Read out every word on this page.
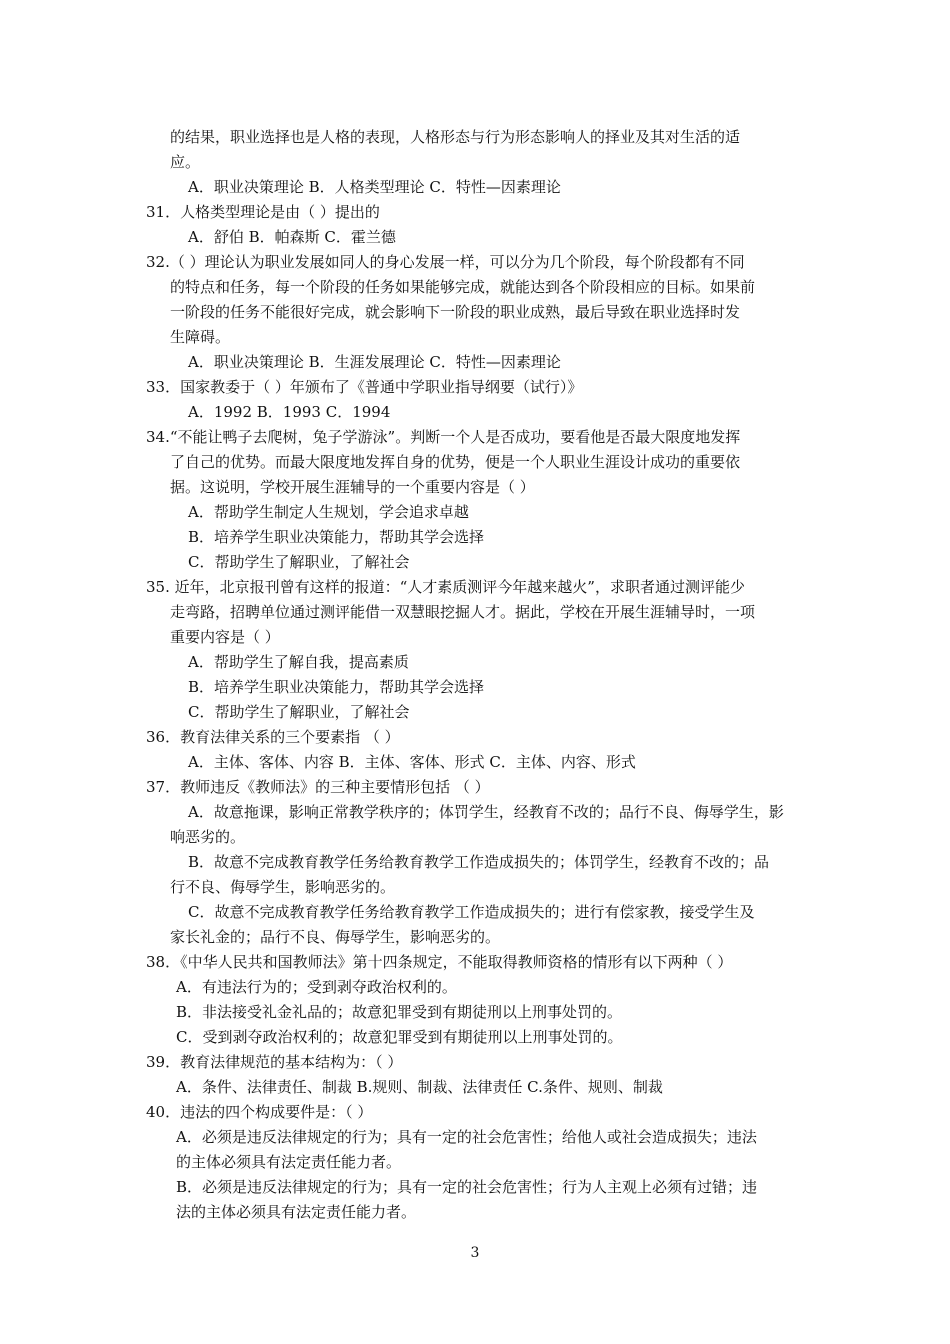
的结果，职业选择也是人格的表现，人格形态与行为形态影响人的择业及其对生活的适
应。
A．职业决策理论 B．人格类型理论 C．特性—因素理论
31．人格类型理论是由（ ）提出的
A．舒伯 B．帕森斯 C．霍兰德
32.（ ）理论认为职业发展如同人的身心发展一样，可以分为几个阶段，每个阶段都有不同
的特点和任务，每一个阶段的任务如果能够完成，就能达到各个阶段相应的目标。如果前
一阶段的任务不能很好完成，就会影响下一阶段的职业成熟，最后导致在职业选择时发
生障碍。
A．职业决策理论 B．生涯发展理论 C．特性—因素理论
33．国家教委于（ ）年颁布了《普通中学职业指导纲要（试行）》
A．1992 B．1993 C．1994
34.“不能让鸭子去爬树，兔子学游泳”。判断一个人是否成功，要看他是否最大限度地发挥
了自己的优势。而最大限度地发挥自身的优势，便是一个人职业生涯设计成功的重要依
据。这说明，学校开展生涯辅导的一个重要内容是（ ）
A．帮助学生制定人生规划，学会追求卓越
B．培养学生职业决策能力，帮助其学会选择
C．帮助学生了解职业，了解社会
35. 近年，北京报刊曾有这样的报道：“人才素质测评今年越来越火”，求职者通过测评能少
走弯路，招聘单位通过测评能借一双慧眼挖掘人才。据此，学校在开展生涯辅导时，一项
重要内容是（ ）
A．帮助学生了解自我，提高素质
B．培养学生职业决策能力，帮助其学会选择
C．帮助学生了解职业，了解社会
36．教育法律关系的三个要素指 （ ）
A．主体、客体、内容 B．主体、客体、形式 C．主体、内容、形式
37．教师违反《教师法》的三种主要情形包括 （ ）
A．故意拖课，影响正常教学秩序的；体罚学生，经教育不改的；品行不良、侮辱学生，影
响恶劣的。
B．故意不完成教育教学任务给教育教学工作造成损失的；体罚学生，经教育不改的；品
行不良、侮辱学生，影响恶劣的。
C．故意不完成教育教学任务给教育教学工作造成损失的；进行有偿家教，接受学生及
家长礼金的；品行不良、侮辱学生，影响恶劣的。
38．《中华人民共和国教师法》第十四条规定，不能取得教师资格的情形有以下两种（ ）
A．有违法行为的；受到剥夺政治权利的。
B．非法接受礼金礼品的；故意犯罪受到有期徒刑以上刑事处罚的。
C．受到剥夺政治权利的；故意犯罪受到有期徒刑以上刑事处罚的。
39．教育法律规范的基本结构为：（ ）
A．条件、法律责任、制裁 B.规则、制裁、法律责任 C.条件、规则、制裁
40．违法的四个构成要件是：（ ）
A．必须是违反法律规定的行为；具有一定的社会危害性；给他人或社会造成损失；违法
的主体必须具有法定责任能力者。
B．必须是违反法律规定的行为；具有一定的社会危害性；行为人主观上必须有过错；违
法的主体必须具有法定责任能力者。
3
